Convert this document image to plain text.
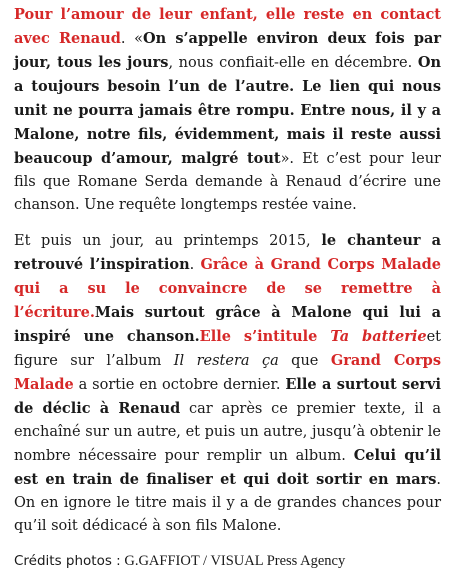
Pour l’amour de leur enfant, elle reste en contact avec Renaud. «On s’appelle environ deux fois par jour, tous les jours, nous confiait-elle en décembre. On a toujours besoin l’un de l’autre. Le lien qui nous unit ne pourra jamais être rompu. Entre nous, il y a Malone, notre fils, évidemment, mais il reste aussi beaucoup d’amour, malgré tout». Et c’est pour leur fils que Romane Serda demande à Renaud d’écrire une chanson. Une requête longtemps restée vaine.

Et puis un jour, au printemps 2015, le chanteur a retrouvé l’inspiration. Grâce à Grand Corps Malade qui a su le convaincre de se remettre à l’écriture.Mais surtout grâce à Malone qui lui a inspiré une chanson.Elle s’intitule Ta batterieet figure sur l’album Il restera ça que Grand Corps Malade a sortie en octobre dernier. Elle a surtout servi de déclic à Renaud car après ce premier texte, il a enchaîné sur un autre, et puis un autre, jusqu’à obtenir le nombre nécessaire pour remplir un album. Celui qu’il est en train de finaliser et qui doit sortir en mars. On en ignore le titre mais il y a de grandes chances pour qu’il soit dédicacé à son fils Malone.

Crédits photos : G.GAFFIOT / VISUAL Press Agency
